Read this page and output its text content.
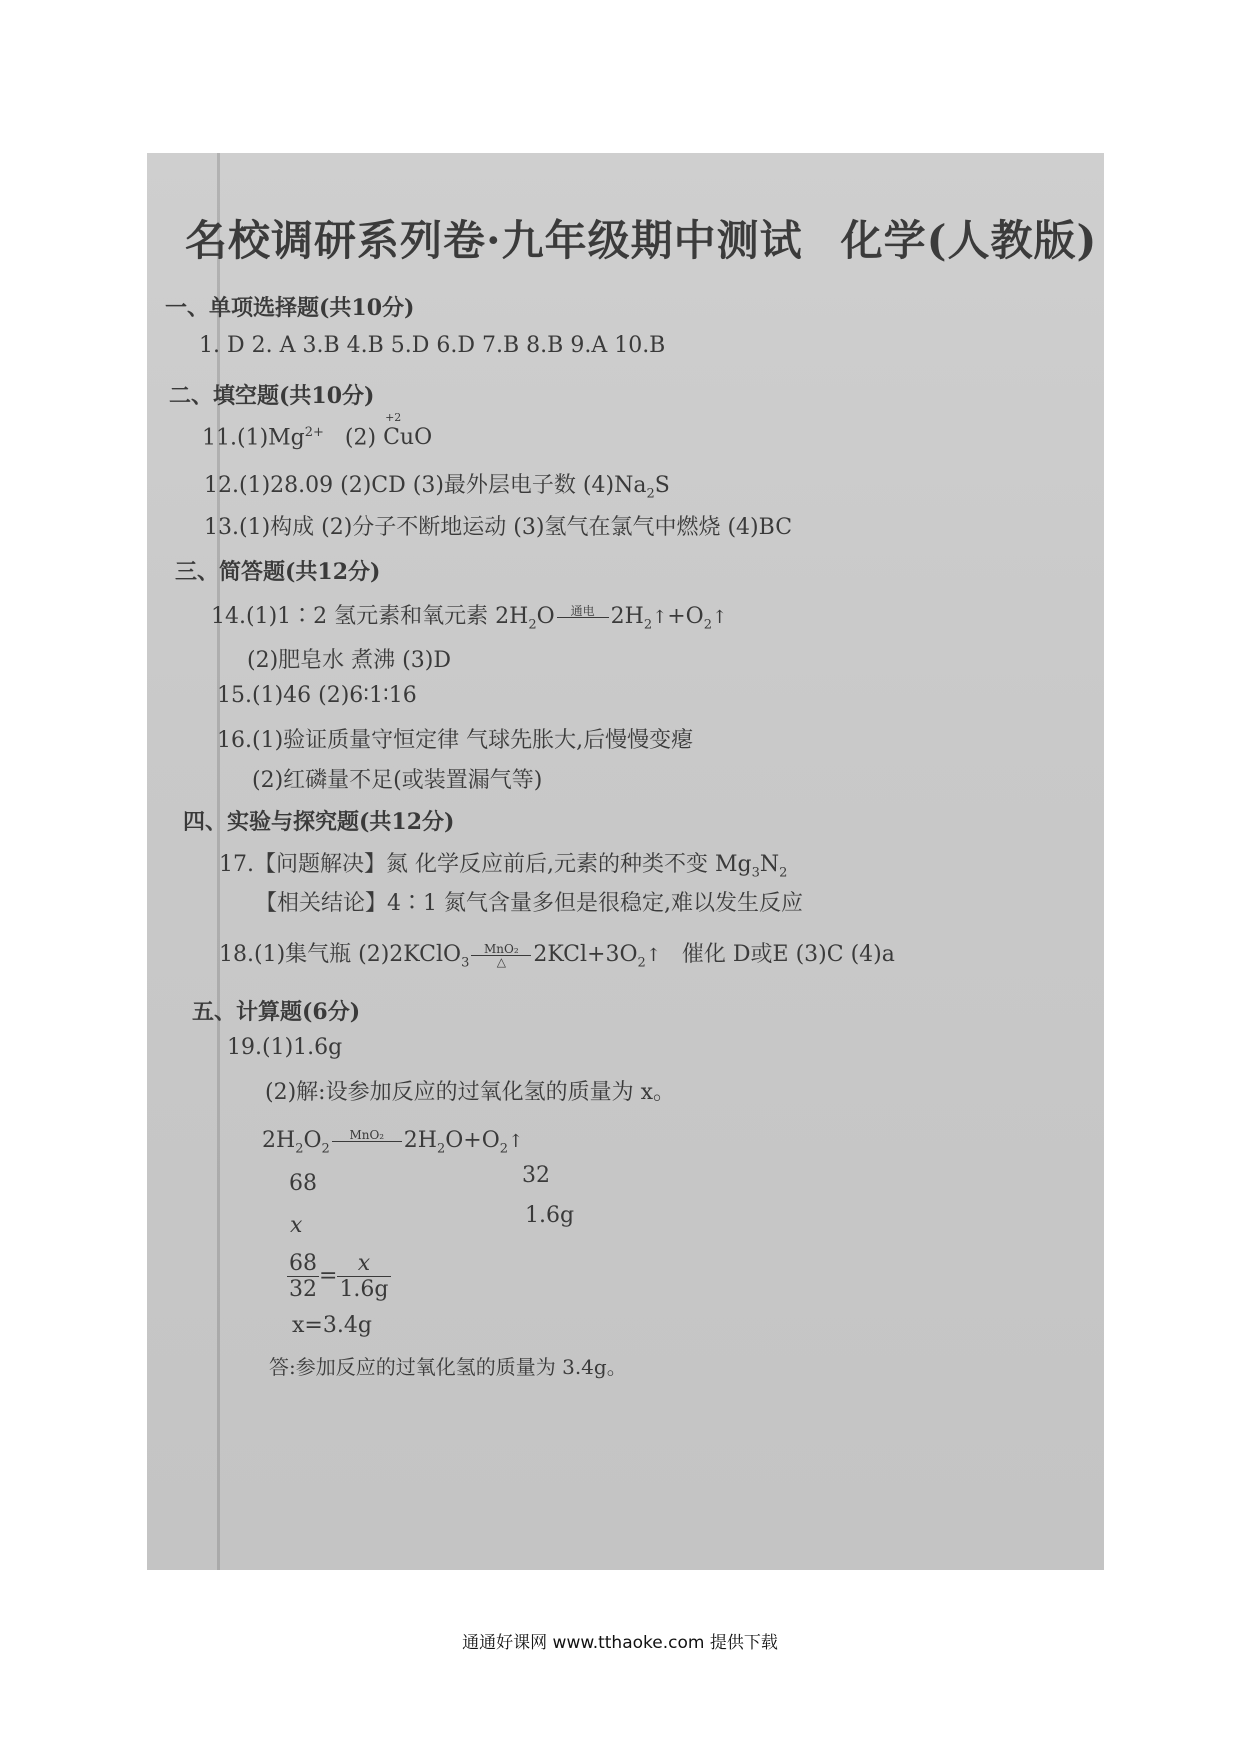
名校调研系列卷·九年级期中测试 化学(人教版)
一、单项选择题(共10分)
1. D 2. A 3.B 4.B 5.D 6.D 7.B 8.B 9.A 10.B
二、填空题(共10分)
$11.(1)Mg^{2+}$ (2)
+2
CuO
12.(1)28.09 (2)CD (3)最外层电子数 $(4)Na_2S$
13.(1)构成 (2)分子不断地运动 (3)氢气在氯气中燃烧 (4)BC
三、简答题(共12分)
14.(1)1∶2 氢元素和氧元素 $2H_2O$	通电
$2H_2↑+O_2↑$
(2)肥皂水 煮沸 (3)D
15.(1)46 (2)6∶1∶16
16.(1)验证质量守恒定律 气球先胀大,后慢慢变瘪
(2)红磷量不足(或装置漏气等)
四、实验与探究题(共12分)
17.【问题解决】氮 化学反应前后,元素的种类不变 $Mg_3N_2$
【相关结论】4∶1 氮气含量多但是很稳定,难以发生反应
18.(1)集气瓶 (2)2KClO$_3$
MnO₂
△	$2KCl+3O_2↑$ 催化 D或E (3)C (4)a
五、计算题(6分)
19.(1)1.6g
(2)解:设参加反应的过氧化氢的质量为 x。
$2H_2O_2$
MnO₂
$2H_2O+O_2↑$
68	32
x	1.6g
$\frac{68}{32} = \frac{x}{1.6g}$
x=3.4g
答:参加反应的过氧化氢的质量为 3.4g。
通通好课网 www.tthaoke.com 提供下载
